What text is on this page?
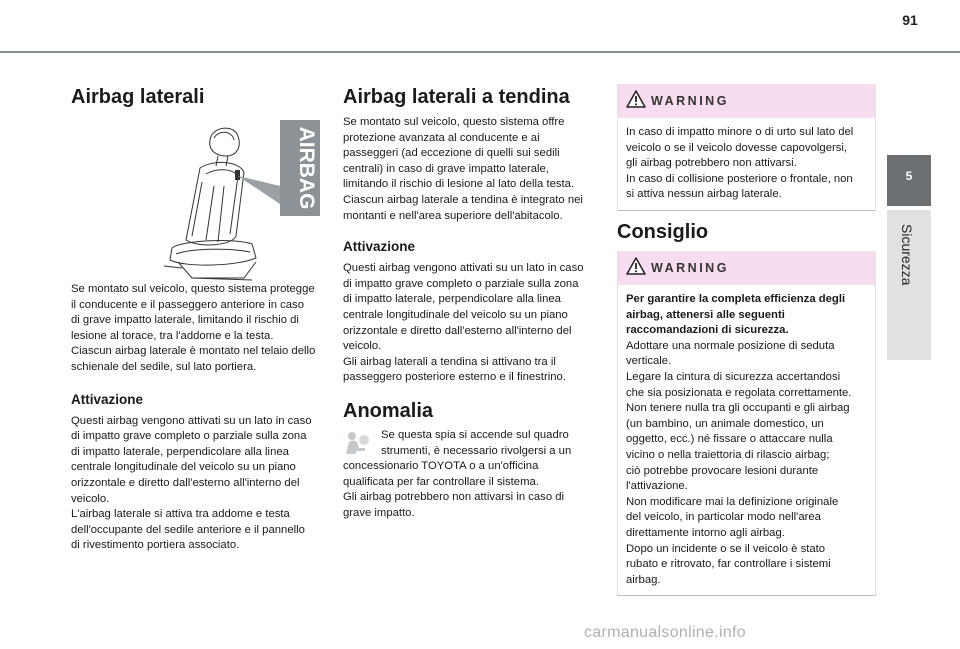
91
5
Sicurezza
Airbag laterali
AIRBAG

Se montato sul veicolo, questo sistema protegge
il conducente e il passeggero anteriore in caso
di grave impatto laterale, limitando il rischio di
lesione al torace, tra l'addome e la testa.
Ciascun airbag laterale è montato nel telaio dello
schienale del sedile, sul lato portiera.

Attivazione

Questi airbag vengono attivati su un lato in caso
di impatto grave completo o parziale sulla zona
di impatto laterale, perpendicolare alla linea
centrale longitudinale del veicolo su un piano
orizzontale e diretto dall'esterno all'interno del
veicolo.
L'airbag laterale si attiva tra addome e testa
dell'occupante del sedile anteriore e il pannello
di rivestimento portiera associato.

Airbag laterali a tendina

Se montato sul veicolo, questo sistema offre
protezione avanzata al conducente e ai
passeggeri (ad eccezione di quelli sui sedili
centrali) in caso di grave impatto laterale,
limitando il rischio di lesione al lato della testa.
Ciascun airbag laterale a tendina è integrato nei
montanti e nell'area superiore dell'abitacolo.

Attivazione

Questi airbag vengono attivati su un lato in caso
di impatto grave completo o parziale sulla zona
di impatto laterale, perpendicolare alla linea
centrale longitudinale del veicolo su un piano
orizzontale e diretto dall'esterno all'interno del
veicolo.
Gli airbag laterali a tendina si attivano tra il
passeggero posteriore esterno e il finestrino.

Anomalia

Se questa spia si accende sul quadro
strumenti, è necessario rivolgersi a un

concessionario TOYOTA o a un'officina
qualificata per far controllare il sistema.
Gli airbag potrebbero non attivarsi in caso di
grave impatto.

WARNING

In caso di impatto minore o di urto sul lato del
veicolo o se il veicolo dovesse capovolgersi,
gli airbag potrebbero non attivarsi.
In caso di collisione posteriore o frontale, non
si attiva nessun airbag laterale.

Consiglio
WARNING

Per garantire la completa efficienza degli
airbag, attenersi alle seguenti
raccomandazioni di sicurezza.

Adottare una normale posizione di seduta
verticale.
Legare la cintura di sicurezza accertandosi
che sia posizionata e regolata correttamente.
Non tenere nulla tra gli occupanti e gli airbag
(un bambino, un animale domestico, un
oggetto, ecc.) né fissare o attaccare nulla
vicino o nella traiettoria di rilascio airbag;
ciò potrebbe provocare lesioni durante
l'attivazione.
Non modificare mai la definizione originale
del veicolo, in particolar modo nell'area
direttamente intorno agli airbag.
Dopo un incidente o se il veicolo è stato
rubato e ritrovato, far controllare i sistemi
airbag.

carmanualsonline.info
